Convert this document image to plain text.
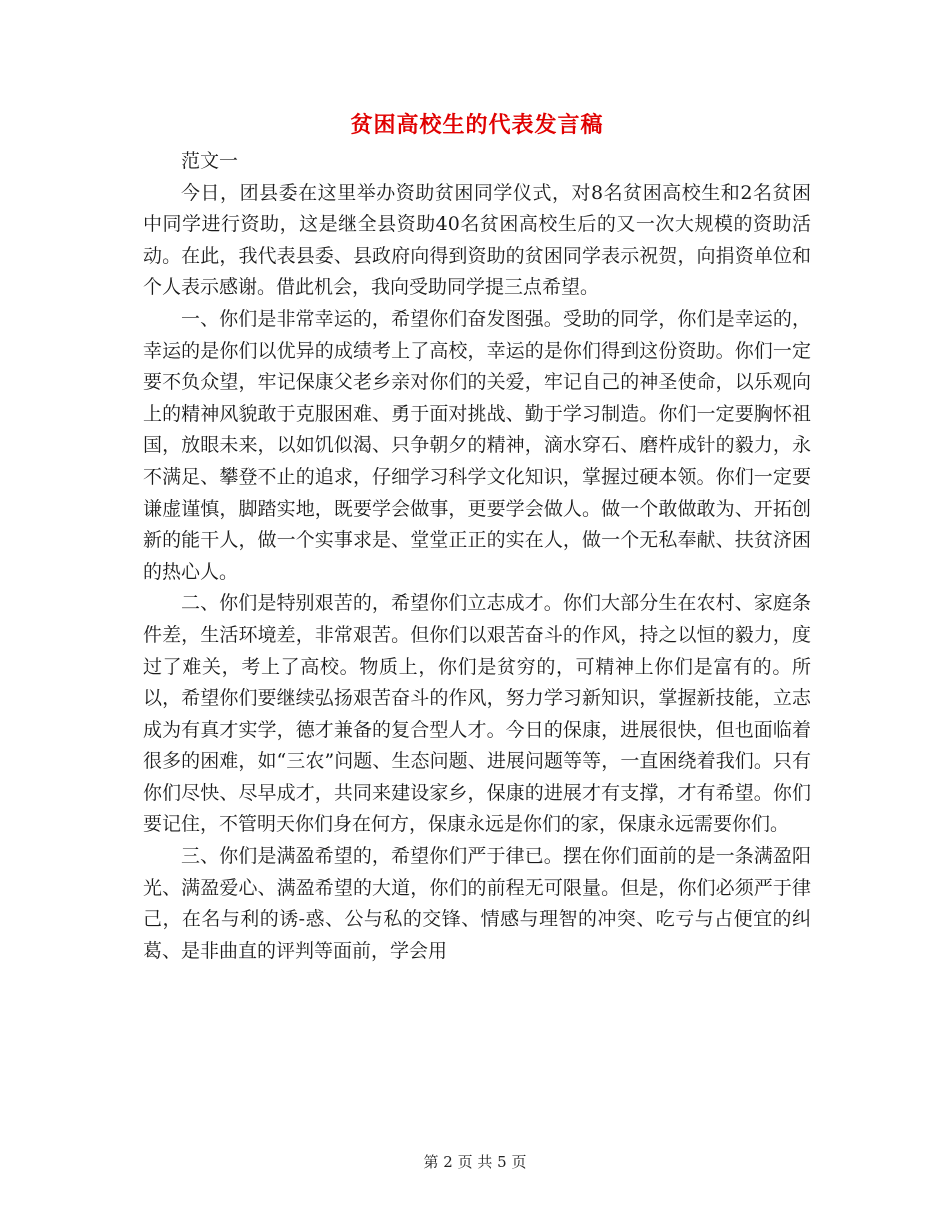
贫困高校生的代表发言稿

范文一

今日，团县委在这里举办资助贫困同学仪式，对8名贫困高校生和2名贫困中同学进行资助，这是继全县资助40名贫困高校生后的又一次大规模的资助活动。在此，我代表县委、县政府向得到资助的贫困同学表示祝贺，向捐资单位和个人表示感谢。借此机会，我向受助同学提三点希望。

一、你们是非常幸运的，希望你们奋发图强。受助的同学，你们是幸运的，幸运的是你们以优异的成绩考上了高校，幸运的是你们得到这份资助。你们一定要不负众望，牢记保康父老乡亲对你们的关爱，牢记自己的神圣使命，以乐观向上的精神风貌敢于克服困难、勇于面对挑战、勤于学习制造。你们一定要胸怀祖国，放眼未来，以如饥似渴、只争朝夕的精神，滴水穿石、磨杵成针的毅力，永不满足、攀登不止的追求，仔细学习科学文化知识，掌握过硬本领。你们一定要谦虚谨慎，脚踏实地，既要学会做事，更要学会做人。做一个敢做敢为、开拓创新的能干人，做一个实事求是、堂堂正正的实在人，做一个无私奉献、扶贫济困的热心人。

二、你们是特别艰苦的，希望你们立志成才。你们大部分生在农村、家庭条件差，生活环境差，非常艰苦。但你们以艰苦奋斗的作风，持之以恒的毅力，度过了难关，考上了高校。物质上，你们是贫穷的，可精神上你们是富有的。所以，希望你们要继续弘扬艰苦奋斗的作风，努力学习新知识，掌握新技能，立志成为有真才实学，德才兼备的复合型人才。今日的保康，进展很快，但也面临着很多的困难，如“三农”问题、生态问题、进展问题等等，一直困绕着我们。只有你们尽快、尽早成才，共同来建设家乡，保康的进展才有支撑，才有希望。你们要记住，不管明天你们身在何方，保康永远是你们的家，保康永远需要你们。

三、你们是满盈希望的，希望你们严于律已。摆在你们面前的是一条满盈阳光、满盈爱心、满盈希望的大道，你们的前程无可限量。但是，你们必须严于律己，在名与利的诱-惑、公与私的交锋、情感与理智的冲突、吃亏与占便宜的纠葛、是非曲直的评判等面前，学会用

第 2 页 共 5 页
